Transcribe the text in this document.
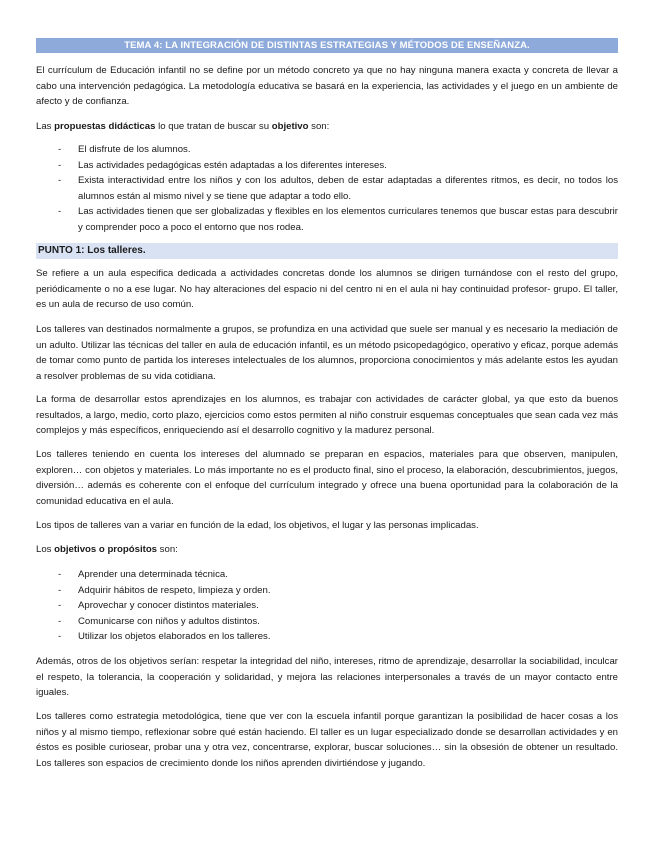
TEMA 4: LA INTEGRACIÓN DE DISTINTAS ESTRATEGIAS Y MÉTODOS DE ENSEÑANZA.

El currículum de Educación infantil no se define por un método concreto ya que no hay ninguna manera exacta y concreta de llevar a cabo una intervención pedagógica. La metodología educativa se basará en la experiencia, las actividades y el juego en un ambiente de afecto y de confianza.

Las propuestas didácticas lo que tratan de buscar su objetivo son:

- El disfrute de los alumnos.
- Las actividades pedagógicas estén adaptadas a los diferentes intereses.
- Exista interactividad entre los niños y con los adultos, deben de estar adaptadas a diferentes ritmos, es decir, no todos los alumnos están al mismo nivel y se tiene que adaptar a todo ello.
- Las actividades tienen que ser globalizadas y flexibles en los elementos curriculares tenemos que buscar estas para descubrir y comprender poco a poco el entorno que nos rodea.
PUNTO 1: Los talleres.

Se refiere a un aula especifica dedicada a actividades concretas donde los alumnos se dirigen turnándose con el resto del grupo, periódicamente o no a ese lugar. No hay alteraciones del espacio ni del centro ni en el aula ni hay continuidad profesor- grupo. El taller, es un aula de recurso de uso común.

Los talleres van destinados normalmente a grupos, se profundiza en una actividad que suele ser manual y es necesario la mediación de un adulto. Utilizar las técnicas del taller en aula de educación infantil, es un método psicopedagógico, operativo y eficaz, porque además de tomar como punto de partida los intereses intelectuales de los alumnos, proporciona conocimientos y más adelante estos les ayudan a resolver problemas de su vida cotidiana.

La forma de desarrollar estos aprendizajes en los alumnos, es trabajar con actividades de carácter global, ya que esto da buenos resultados, a largo, medio, corto plazo, ejercicios como estos permiten al niño construir esquemas conceptuales que sean cada vez más complejos y más específicos, enriqueciendo así el desarrollo cognitivo y la madurez personal.

Los talleres teniendo en cuenta los intereses del alumnado se preparan en espacios, materiales para que observen, manipulen, exploren… con objetos y materiales. Lo más importante no es el producto final, sino el proceso, la elaboración, descubrimientos, juegos, diversión… además es coherente con el enfoque del currículum integrado y ofrece una buena oportunidad para la colaboración de la comunidad educativa en el aula.

Los tipos de talleres van a variar en función de la edad, los objetivos, el lugar y las personas implicadas.

Los objetivos o propósitos son:

- Aprender una determinada técnica.
- Adquirir hábitos de respeto, limpieza y orden.
- Aprovechar y conocer distintos materiales.
- Comunicarse con niños y adultos distintos.
- Utilizar los objetos elaborados en los talleres.

Además, otros de los objetivos serían: respetar la integridad del niño, intereses, ritmo de aprendizaje, desarrollar la sociabilidad, inculcar el respeto, la tolerancia, la cooperación y solidaridad, y mejora las relaciones interpersonales a través de un mayor contacto entre iguales.

Los talleres como estrategia metodológica, tiene que ver con la escuela infantil porque garantizan la posibilidad de hacer cosas a los niños y al mismo tiempo, reflexionar sobre qué están haciendo. El taller es un lugar especializado donde se desarrollan actividades y en éstos es posible curiosear, probar una y otra vez, concentrarse, explorar, buscar soluciones… sin la obsesión de obtener un resultado. Los talleres son espacios de crecimiento donde los niños aprenden divirtiéndose y jugando.
